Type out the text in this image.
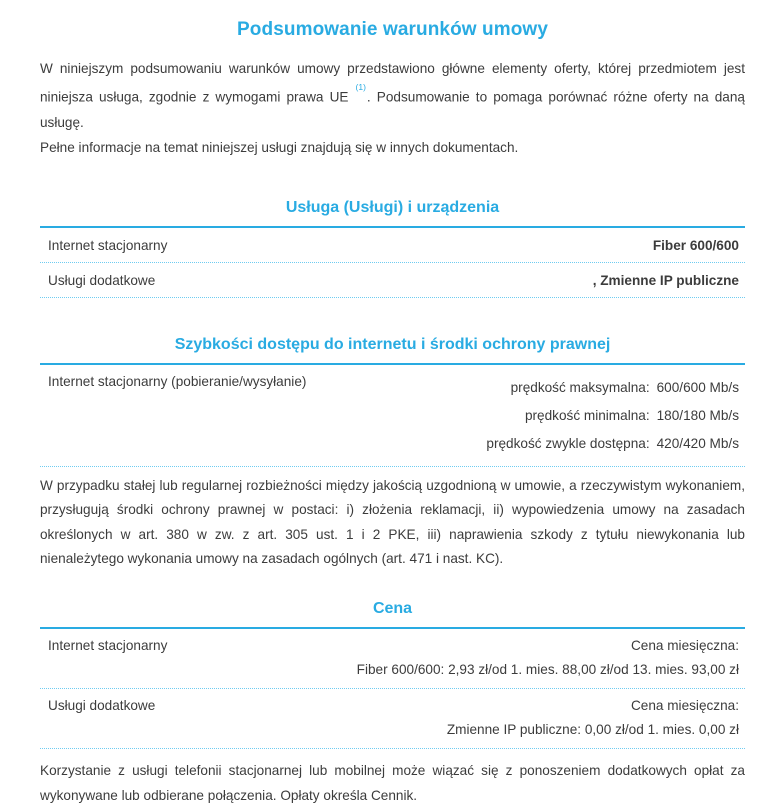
Podsumowanie warunków umowy

W niniejszym podsumowaniu warunków umowy przedstawiono główne elementy oferty, której przedmiotem jest niniejsza usługa, zgodnie z wymogami prawa UE $^{(1)}$. Podsumowanie to pomaga porównać różne oferty na daną usługę.
Pełne informacje na temat niniejszej usługi znajdują się w innych dokumentach.

Usługa (Usługi) i urządzenia
Internet stacjonarny	Fiber 600/600
Usługi dodatkowe	, Zmienne IP publiczne
Szybkości dostępu do internetu i środki ochrony prawnej
Internet stacjonarny (pobieranie/wysyłanie)	prędkość maksymalna: 600/600 Mb/s
prędkość minimalna: 180/180 Mb/s
prędkość zwykle dostępna: 420/420 Mb/s

W przypadku stałej lub regularnej rozbieżności między jakością uzgodnioną w umowie, a rzeczywistym wykonaniem, przysługują środki ochrony prawnej w postaci: i) złożenia reklamacji, ii) wypowiedzenia umowy na zasadach określonych w art. 380 w zw. z art. 305 ust. 1 i 2 PKE, iii) naprawienia szkody z tytułu niewykonania lub nienależytego wykonania umowy na zasadach ogólnych (art. 471 i nast. KC).

Cena
Internet stacjonarny	Cena miesięczna:
Fiber 600/600: 2,93 zł/od 1. mies. 88,00 zł/od 13. mies. 93,00 zł
Usługi dodatkowe	Cena miesięczna:
Zmienne IP publiczne: 0,00 zł/od 1. mies. 0,00 zł

Korzystanie z usługi telefonii stacjonarnej lub mobilnej może wiązać się z ponoszeniem dodatkowych opłat za wykonywane lub odbierane połączenia. Opłaty określa Cennik.
